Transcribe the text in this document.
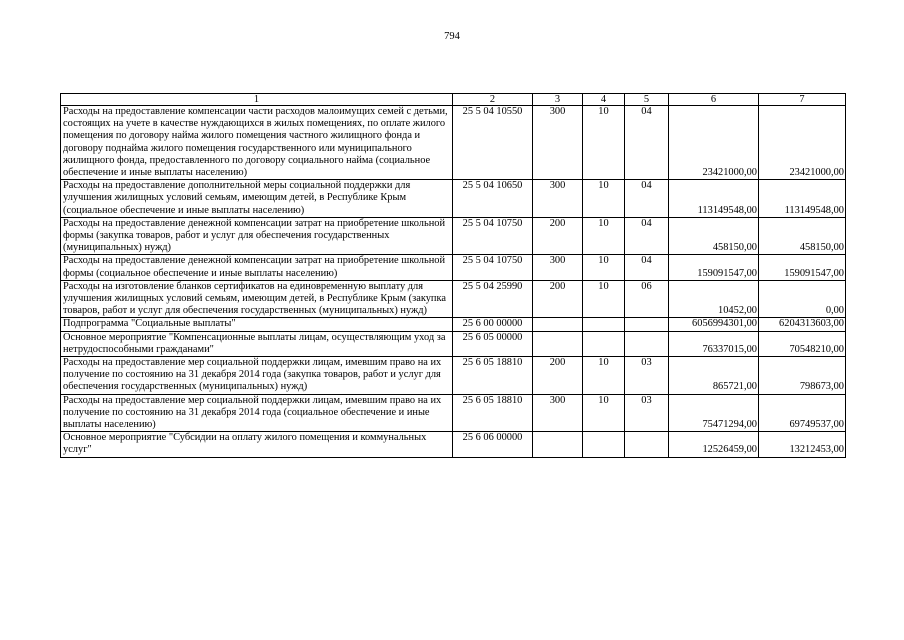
794
1	2	3	4	5	6	7
Расходы на предоставление компенсации части расходов малоимущих семей с детьми, состоящих на учете в качестве нуждающихся в жилых помещениях, по оплате жилого помещения по договору найма жилого помещения частного жилищного фонда и договору поднайма жилого помещения государственного или муниципального жилищного фонда, предоставленного по договору социального найма (социальное обеспечение и иные выплаты населению)	25 5 04 10550	300	10	04	23421000,00	23421000,00
Расходы на предоставление дополнительной меры социальной поддержки для улучшения жилищных условий семьям, имеющим детей, в Республике Крым (социальное обеспечение и иные выплаты населению)	25 5 04 10650	300	10	04	113149548,00	113149548,00
Расходы на предоставление денежной компенсации затрат на приобретение школьной формы (закупка товаров, работ и услуг для обеспечения государственных (муниципальных) нужд)	25 5 04 10750	200	10	04	458150,00	458150,00
Расходы на предоставление денежной компенсации затрат на приобретение школьной формы (социальное обеспечение и иные выплаты населению)	25 5 04 10750	300	10	04	159091547,00	159091547,00
Расходы на изготовление бланков сертификатов на единовременную выплату для улучшения жилищных условий семьям, имеющим детей, в Республике Крым (закупка товаров, работ и услуг для обеспечения государственных (муниципальных) нужд)	25 5 04 25990	200	10	06	10452,00	0,00
Подпрограмма "Социальные выплаты"	25 6 00 00000				6056994301,00	6204313603,00
Основное мероприятие "Компенсационные выплаты лицам, осуществляющим уход за нетрудоспособными гражданами"	25 6 05 00000				76337015,00	70548210,00
Расходы на предоставление мер социальной поддержки лицам, имевшим право на их получение по состоянию на 31 декабря 2014 года (закупка товаров, работ и услуг для обеспечения государственных (муниципальных) нужд)	25 6 05 18810	200	10	03	865721,00	798673,00
Расходы на предоставление мер социальной поддержки лицам, имевшим право на их получение по состоянию на 31 декабря 2014 года (социальное обеспечение и иные выплаты населению)	25 6 05 18810	300	10	03	75471294,00	69749537,00
Основное мероприятие "Субсидии на оплату жилого помещения и коммунальных услуг"	25 6 06 00000				12526459,00	13212453,00
